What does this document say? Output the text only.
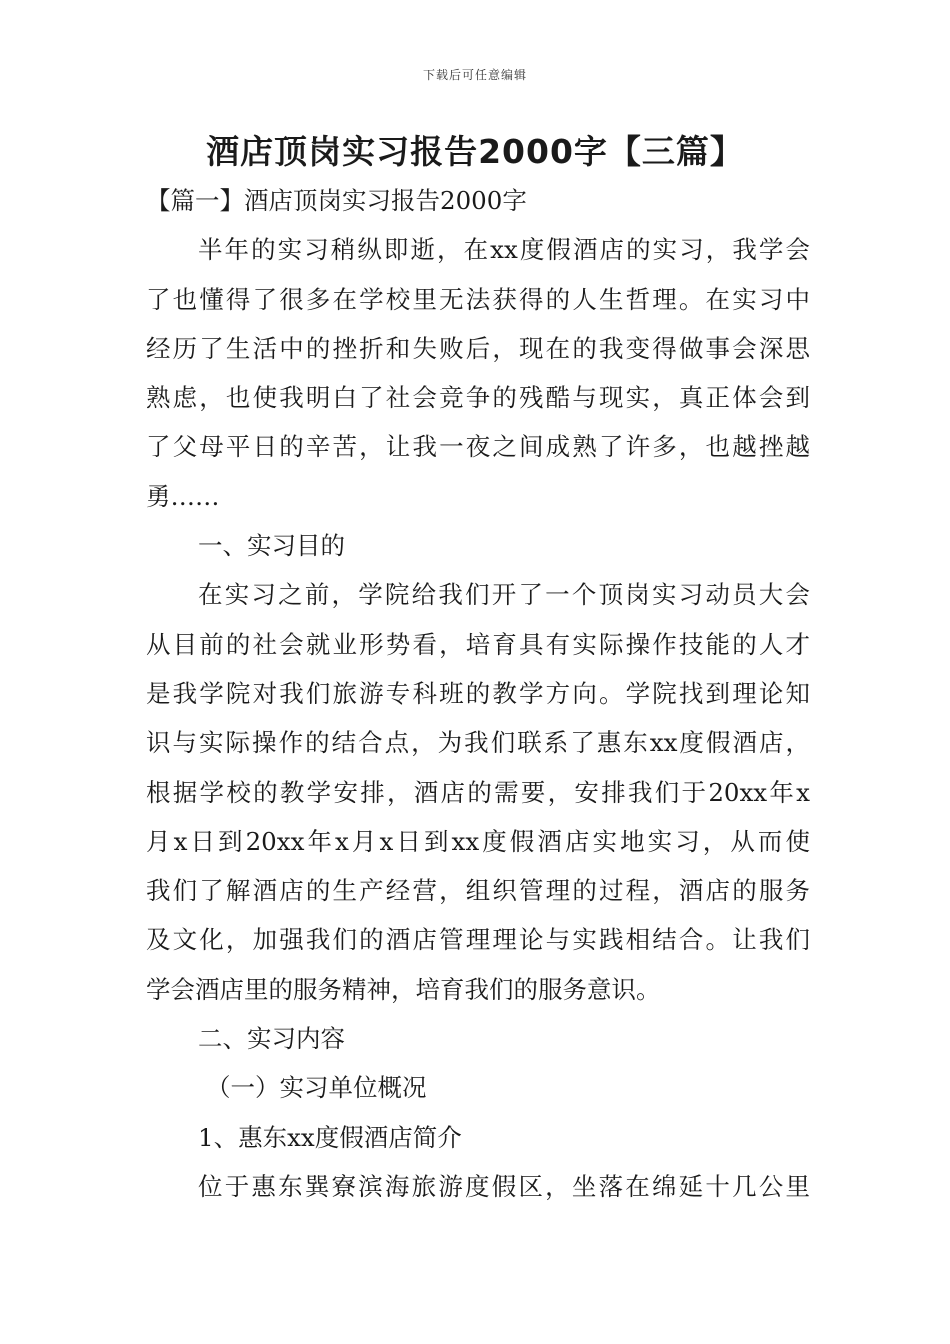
下载后可任意编辑
酒店顶岗实习报告2000字【三篇】
【篇一】酒店顶岗实习报告2000字
半年的实习稍纵即逝，在xx度假酒店的实习，我学会
了也懂得了很多在学校里无法获得的人生哲理。在实习中
经历了生活中的挫折和失败后，现在的我变得做事会深思
熟虑，也使我明白了社会竞争的残酷与现实，真正体会到
了父母平日的辛苦，让我一夜之间成熟了许多，也越挫越
勇……
一、实习目的
在实习之前，学院给我们开了一个顶岗实习动员大会
从目前的社会就业形势看，培育具有实际操作技能的人才
是我学院对我们旅游专科班的教学方向。学院找到理论知
识与实际操作的结合点，为我们联系了惠东xx度假酒店，
根据学校的教学安排，酒店的需要，安排我们于20xx年x
月x日到20xx年x月x日到xx度假酒店实地实习，从而使
我们了解酒店的生产经营，组织管理的过程，酒店的服务
及文化，加强我们的酒店管理理论与实践相结合。让我们
学会酒店里的服务精神，培育我们的服务意识。
二、实习内容
（一）实习单位概况
1、惠东xx度假酒店简介
位于惠东巽寮滨海旅游度假区，坐落在绵延十几公里
